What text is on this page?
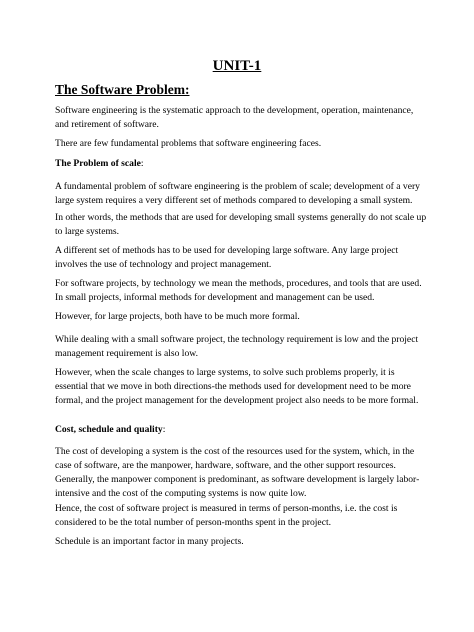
UNIT-1
The Software Problem:

Software engineering is the systematic approach to the development, operation, maintenance, and retirement of software.

There are few fundamental problems that software engineering faces.

The Problem of scale:

A fundamental problem of software engineering is the problem of scale; development of a very large system requires a very different set of methods compared to developing a small system.

In other words, the methods that are used for developing small systems generally do not scale up to large systems.

A different set of methods has to be used for developing large software. Any large project involves the use of technology and project management.

For software projects, by technology we mean the methods, procedures, and tools that are used. In small projects, informal methods for development and management can be used.

However, for large projects, both have to be much more formal.

While dealing with a small software project, the technology requirement is low and the project management requirement is also low.

However, when the scale changes to large systems, to solve such problems properly, it is essential that we move in both directions-the methods used for development need to be more formal, and the project management for the development project also needs to be more formal.

Cost, schedule and quality:

The cost of developing a system is the cost of the resources used for the system, which, in the case of software, are the manpower, hardware, software, and the other support resources. Generally, the manpower component is predominant, as software development is largely labor-intensive and the cost of the computing systems is now quite low.

Hence, the cost of software project is measured in terms of person-months, i.e. the cost is considered to be the total number of person-months spent in the project.

Schedule is an important factor in many projects.
